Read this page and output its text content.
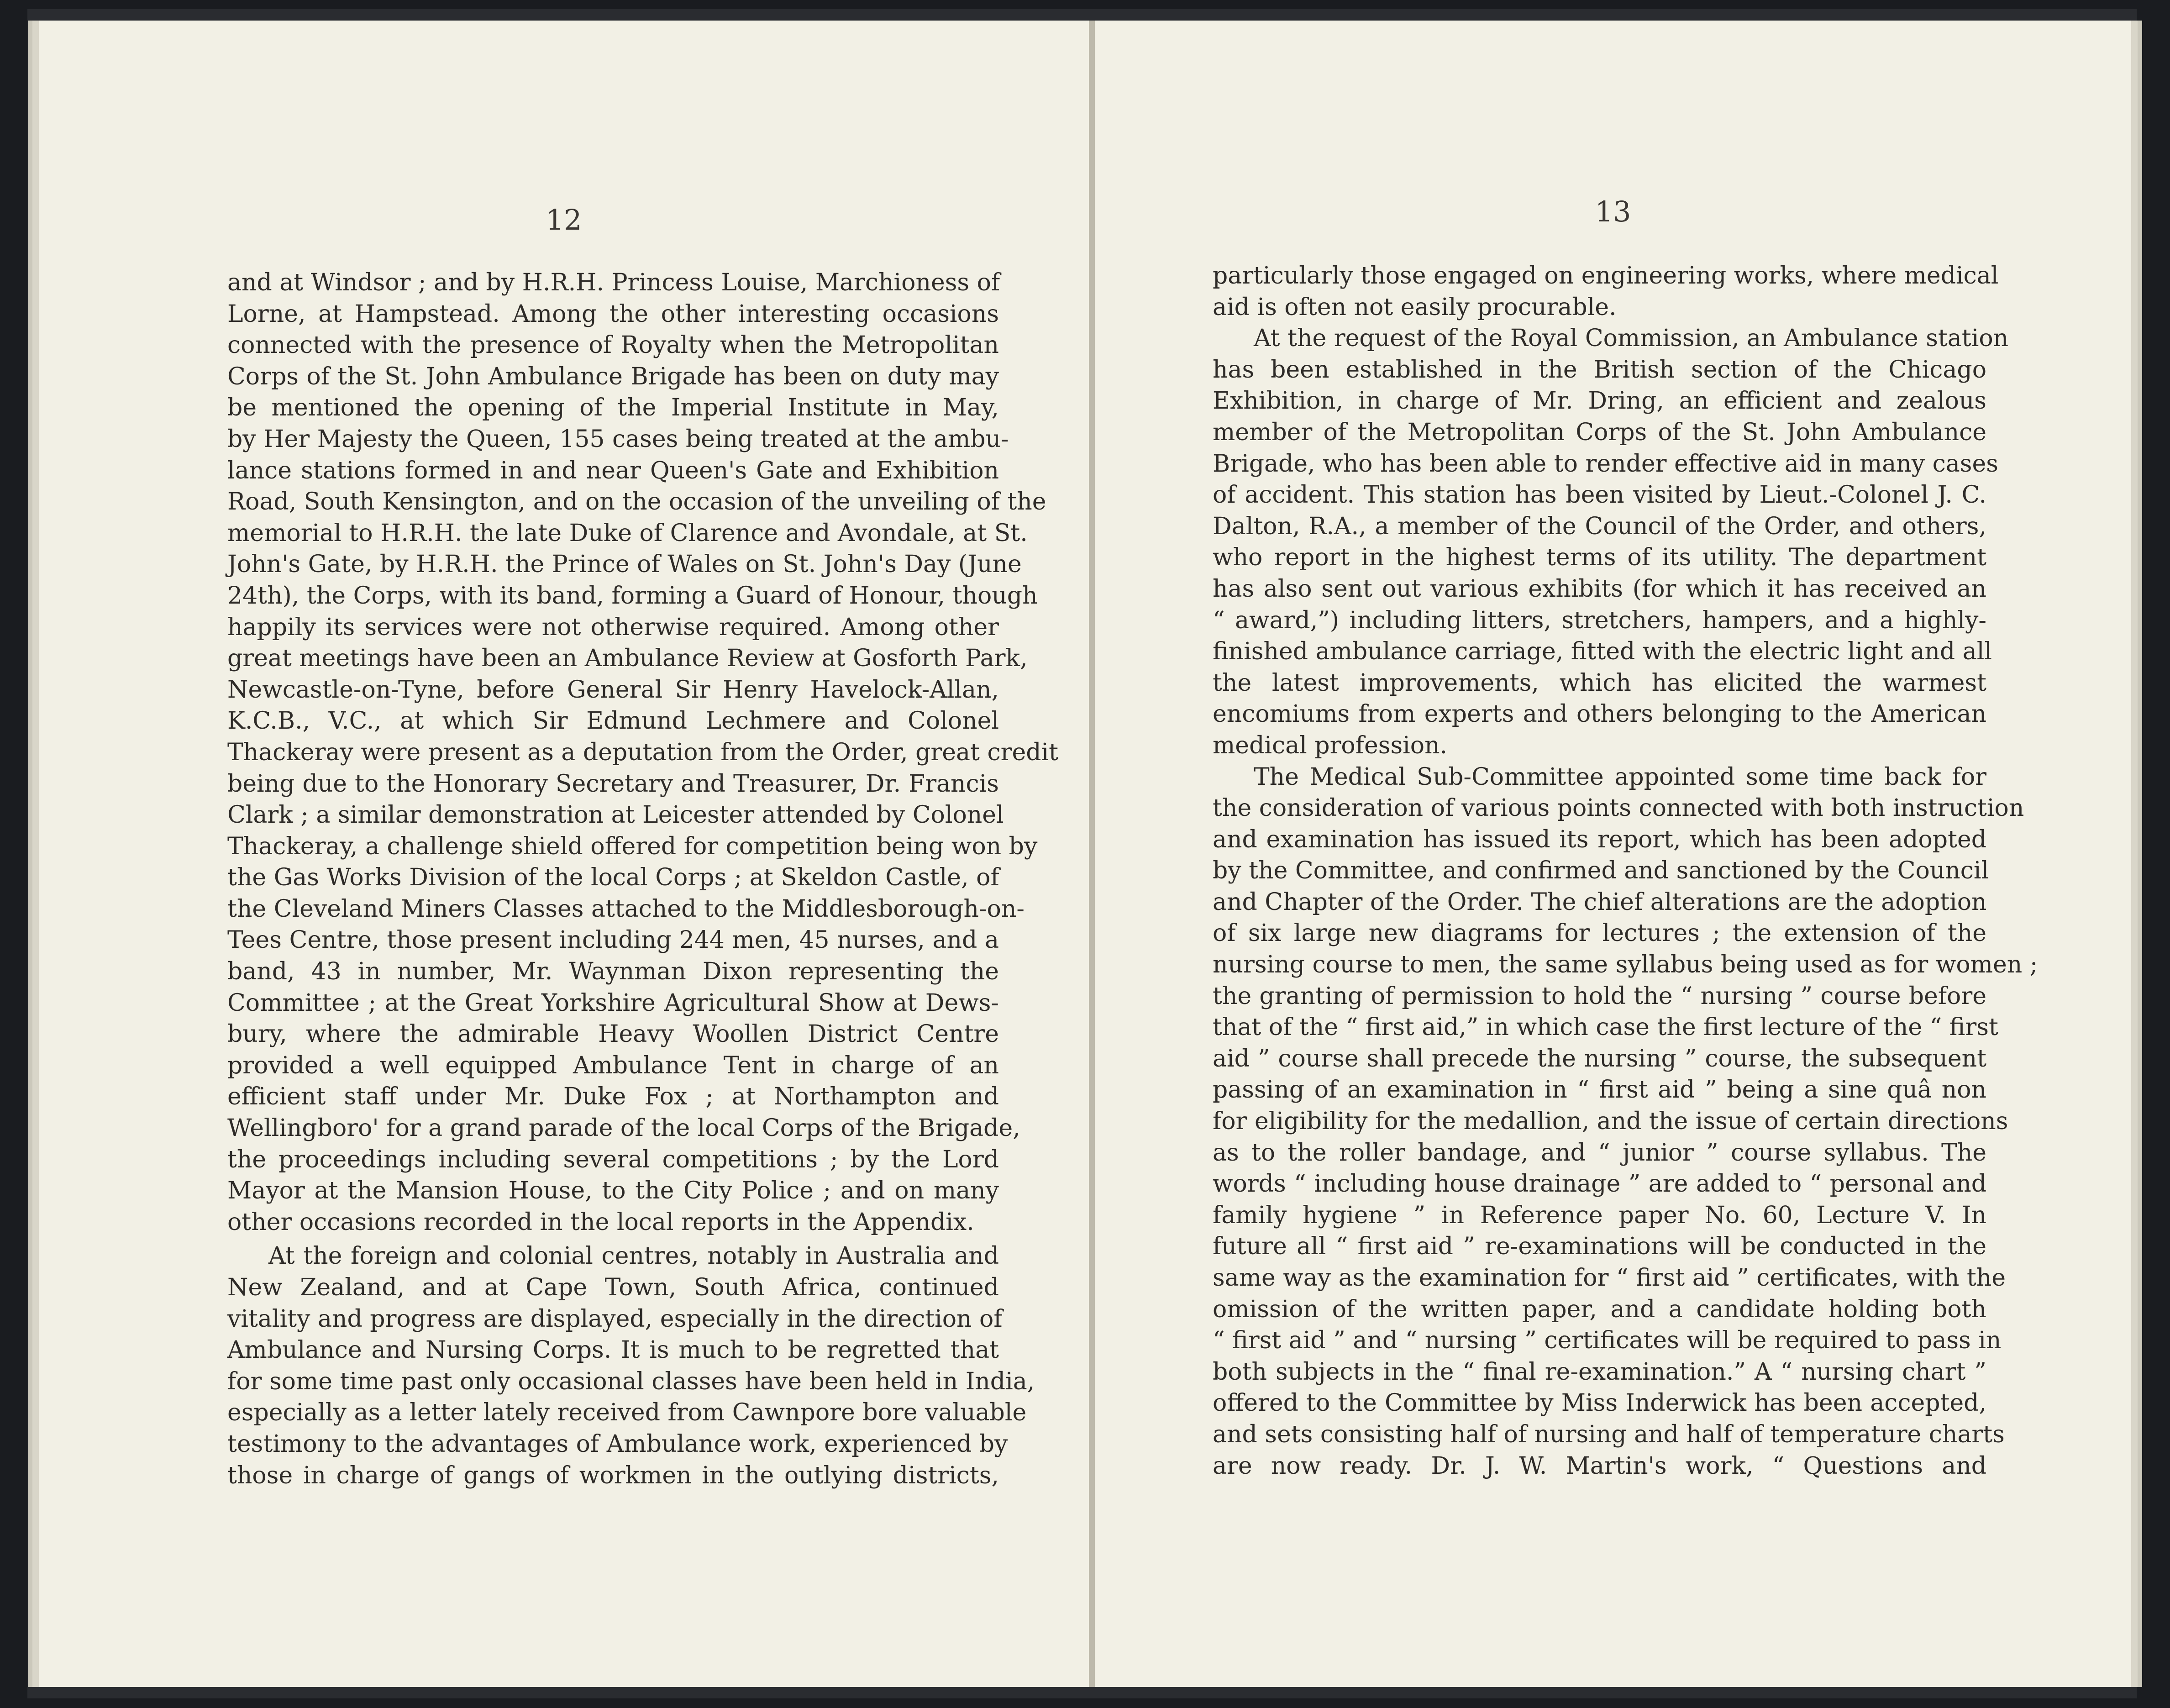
12
and at Windsor ; and by H.R.H. Princess Louise, Marchioness of
Lorne, at Hampstead. Among the other interesting occasions
connected with the presence of Royalty when the Metropolitan
Corps of the St. John Ambulance Brigade has been on duty may
be mentioned the opening of the Imperial Institute in May,
by Her Majesty the Queen, 155 cases being treated at the ambu-
lance stations formed in and near Queen's Gate and Exhibition
Road, South Kensington, and on the occasion of the unveiling of the
memorial to H.R.H. the late Duke of Clarence and Avondale, at St.
John's Gate, by H.R.H. the Prince of Wales on St. John's Day (June
24th), the Corps, with its band, forming a Guard of Honour, though
happily its services were not otherwise required. Among other
great meetings have been an Ambulance Review at Gosforth Park,
Newcastle-on-Tyne, before General Sir Henry Havelock-Allan,
K.C.B., V.C., at which Sir Edmund Lechmere and Colonel
Thackeray were present as a deputation from the Order, great credit
being due to the Honorary Secretary and Treasurer, Dr. Francis
Clark ; a similar demonstration at Leicester attended by Colonel
Thackeray, a challenge shield offered for competition being won by
the Gas Works Division of the local Corps ; at Skeldon Castle, of
the Cleveland Miners Classes attached to the Middlesborough-on-
Tees Centre, those present including 244 men, 45 nurses, and a
band, 43 in number, Mr. Waynman Dixon representing the
Committee ; at the Great Yorkshire Agricultural Show at Dews-
bury, where the admirable Heavy Woollen District Centre
provided a well equipped Ambulance Tent in charge of an
efficient staff under Mr. Duke Fox ; at Northampton and
Wellingboro' for a grand parade of the local Corps of the Brigade,
the proceedings including several competitions ; by the Lord
Mayor at the Mansion House, to the City Police ; and on many
other occasions recorded in the local reports in the Appendix.
At the foreign and colonial centres, notably in Australia and
New Zealand, and at Cape Town, South Africa, continued
vitality and progress are displayed, especially in the direction of
Ambulance and Nursing Corps. It is much to be regretted that
for some time past only occasional classes have been held in India,
especially as a letter lately received from Cawnpore bore valuable
testimony to the advantages of Ambulance work, experienced by
those in charge of gangs of workmen in the outlying districts,
13
particularly those engaged on engineering works, where medical
aid is often not easily procurable.
At the request of the Royal Commission, an Ambulance station
has been established in the British section of the Chicago
Exhibition, in charge of Mr. Dring, an efficient and zealous
member of the Metropolitan Corps of the St. John Ambulance
Brigade, who has been able to render effective aid in many cases
of accident. This station has been visited by Lieut.-Colonel J. C.
Dalton, R.A., a member of the Council of the Order, and others,
who report in the highest terms of its utility. The department
has also sent out various exhibits (for which it has received an
“ award,”) including litters, stretchers, hampers, and a highly-
finished ambulance carriage, fitted with the electric light and all
the latest improvements, which has elicited the warmest
encomiums from experts and others belonging to the American
medical profession.
The Medical Sub-Committee appointed some time back for
the consideration of various points connected with both instruction
and examination has issued its report, which has been adopted
by the Committee, and confirmed and sanctioned by the Council
and Chapter of the Order. The chief alterations are the adoption
of six large new diagrams for lectures ; the extension of the
nursing course to men, the same syllabus being used as for women ;
the granting of permission to hold the “ nursing ” course before
that of the “ first aid,” in which case the first lecture of the “ first
aid ” course shall precede the nursing ” course, the subsequent
passing of an examination in “ first aid ” being a sine quâ non
for eligibility for the medallion, and the issue of certain directions
as to the roller bandage, and “ junior ” course syllabus. The
words “ including house drainage ” are added to “ personal and
family hygiene ” in Reference paper No. 60, Lecture V. In
future all “ first aid ” re-examinations will be conducted in the
same way as the examination for “ first aid ” certificates, with the
omission of the written paper, and a candidate holding both
“ first aid ” and “ nursing ” certificates will be required to pass in
both subjects in the “ final re-examination.” A “ nursing chart ”
offered to the Committee by Miss Inderwick has been accepted,
and sets consisting half of nursing and half of temperature charts
are now ready. Dr. J. W. Martin's work, “ Questions and
